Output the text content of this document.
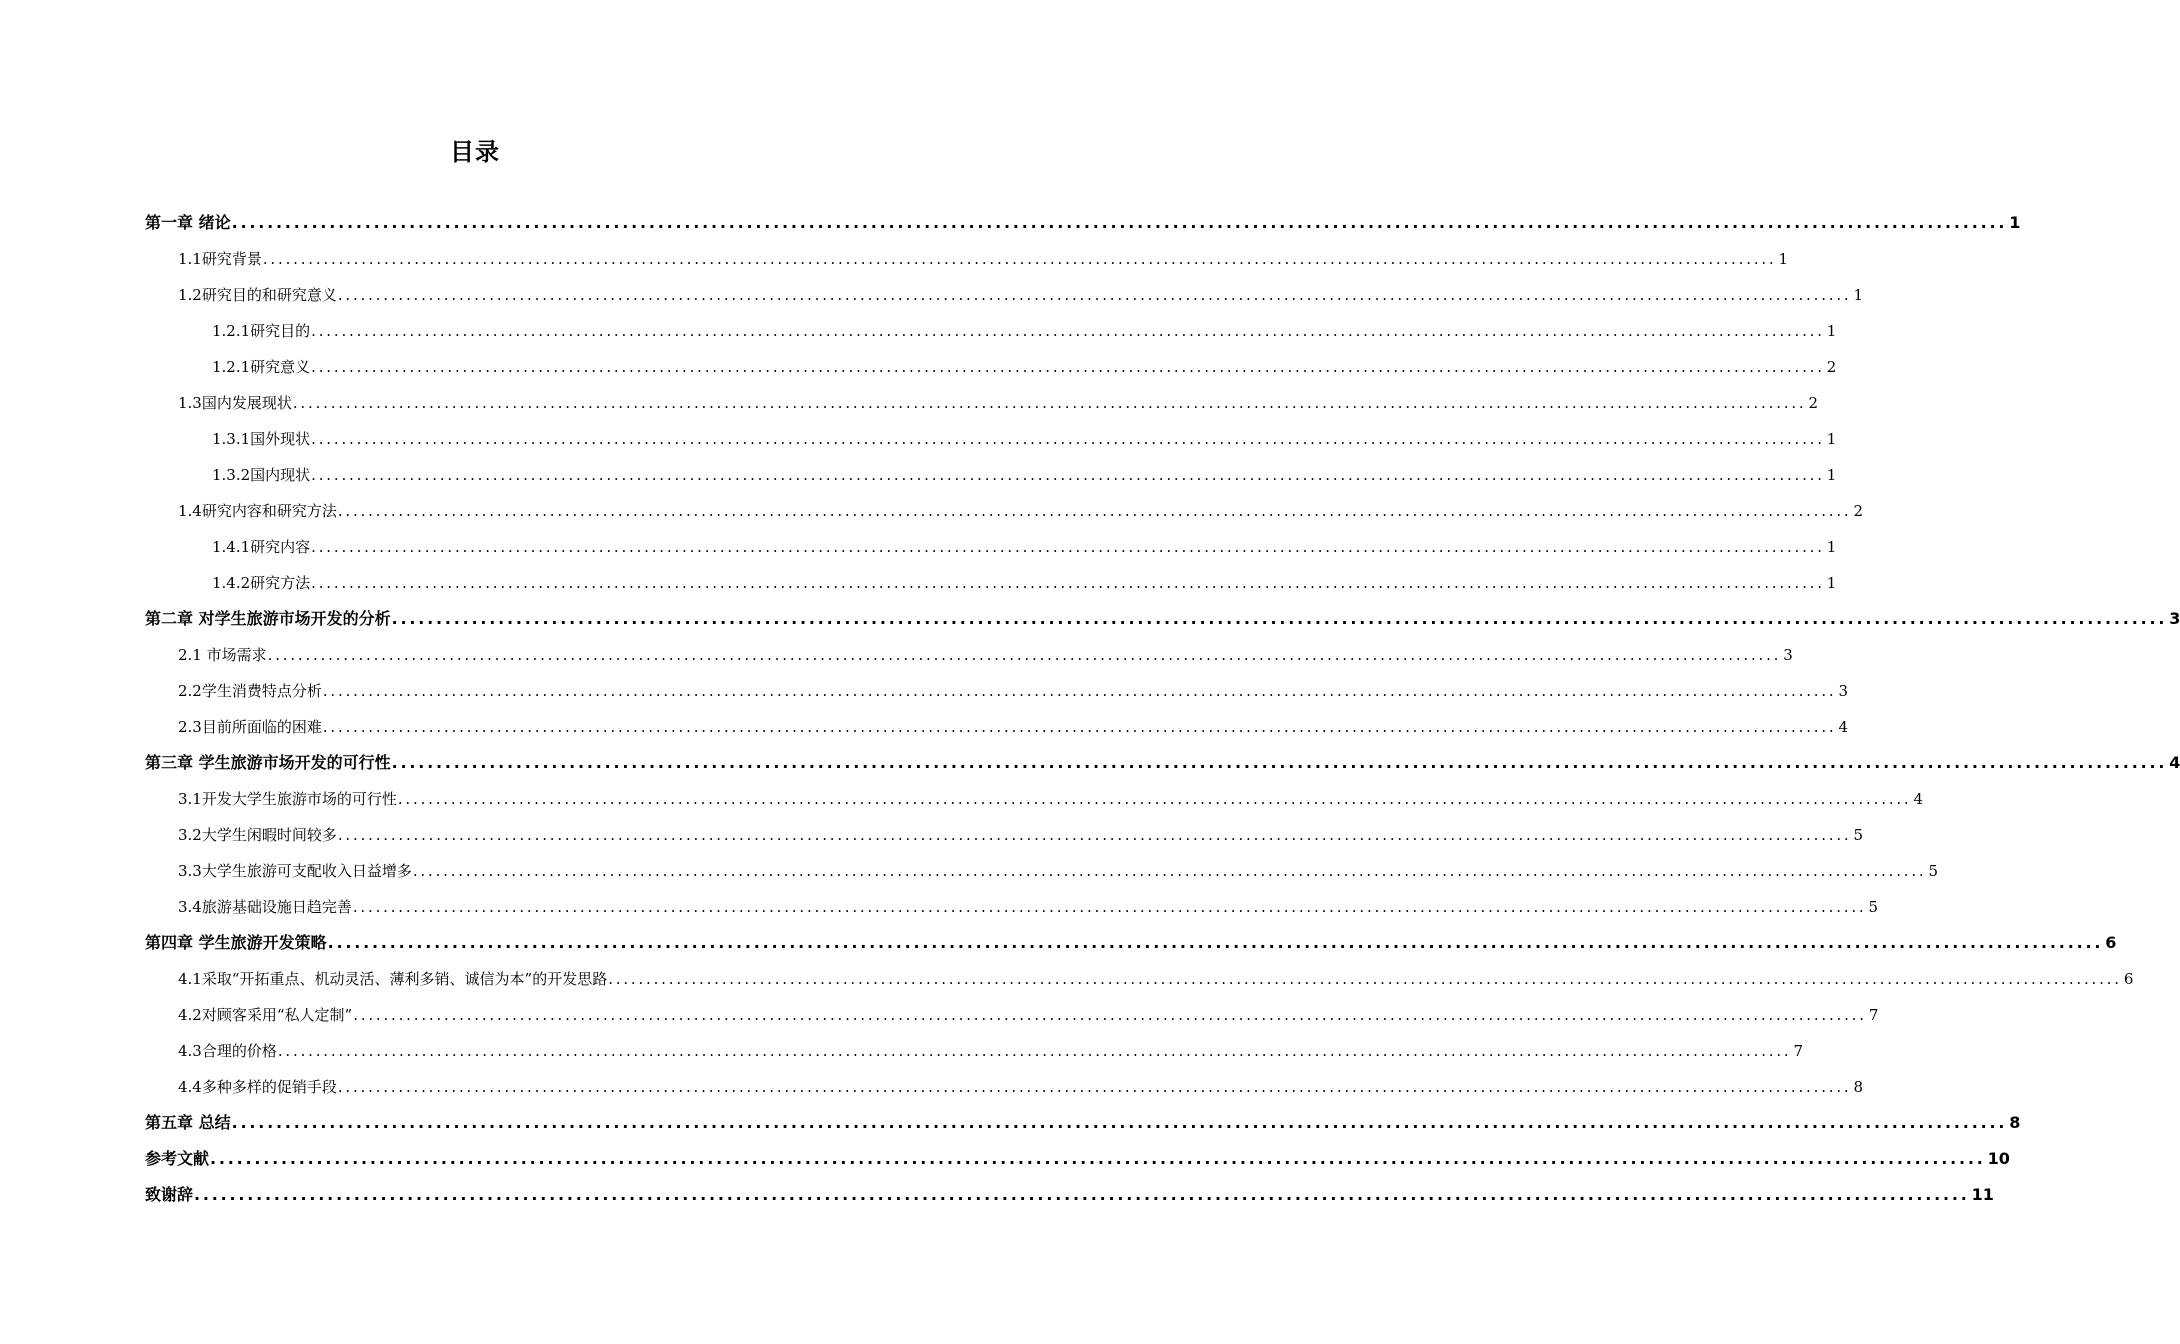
目录
第一章 绪论 ........................................................................................................................................................................................................ 1
1.1研究背景 ........................................................................................................................................................................................................ 1
1.2研究目的和研究意义 ........................................................................................................................................................................................................ 1
1.2.1研究目的 ........................................................................................................................................................................................................ 1
1.2.1研究意义 ........................................................................................................................................................................................................ 2
1.3国内发展现状 ........................................................................................................................................................................................................ 2
1.3.1国外现状 ........................................................................................................................................................................................................ 1
1.3.2国内现状 ........................................................................................................................................................................................................ 1
1.4研究内容和研究方法 ........................................................................................................................................................................................................ 2
1.4.1研究内容 ........................................................................................................................................................................................................ 1
1.4.2研究方法 ........................................................................................................................................................................................................ 1
第二章 对学生旅游市场开发的分析 ........................................................................................................................................................................................................ 3
2.1 市场需求 ........................................................................................................................................................................................................ 3
2.2学生消费特点分析 ........................................................................................................................................................................................................ 3
2.3目前所面临的困难 ........................................................................................................................................................................................................ 4
第三章 学生旅游市场开发的可行性 ........................................................................................................................................................................................................ 4
3.1开发大学生旅游市场的可行性 ........................................................................................................................................................................................................ 4
3.2大学生闲暇时间较多 ........................................................................................................................................................................................................ 5
3.3大学生旅游可支配收入日益增多 ........................................................................................................................................................................................................ 5
3.4旅游基础设施日趋完善 ........................................................................................................................................................................................................ 5
第四章 学生旅游开发策略 ........................................................................................................................................................................................................ 6
4.1采取“开拓重点、机动灵活、薄利多销、诚信为本”的开发思路 ........................................................................................................................................................................................................ 6
4.2对顾客采用“私人定制” ........................................................................................................................................................................................................ 7
4.3合理的价格 ........................................................................................................................................................................................................ 7
4.4多种多样的促销手段 ........................................................................................................................................................................................................ 8
第五章 总结 ........................................................................................................................................................................................................ 8
参考文献 ........................................................................................................................................................................................................ 10
致谢辞 ........................................................................................................................................................................................................ 11
